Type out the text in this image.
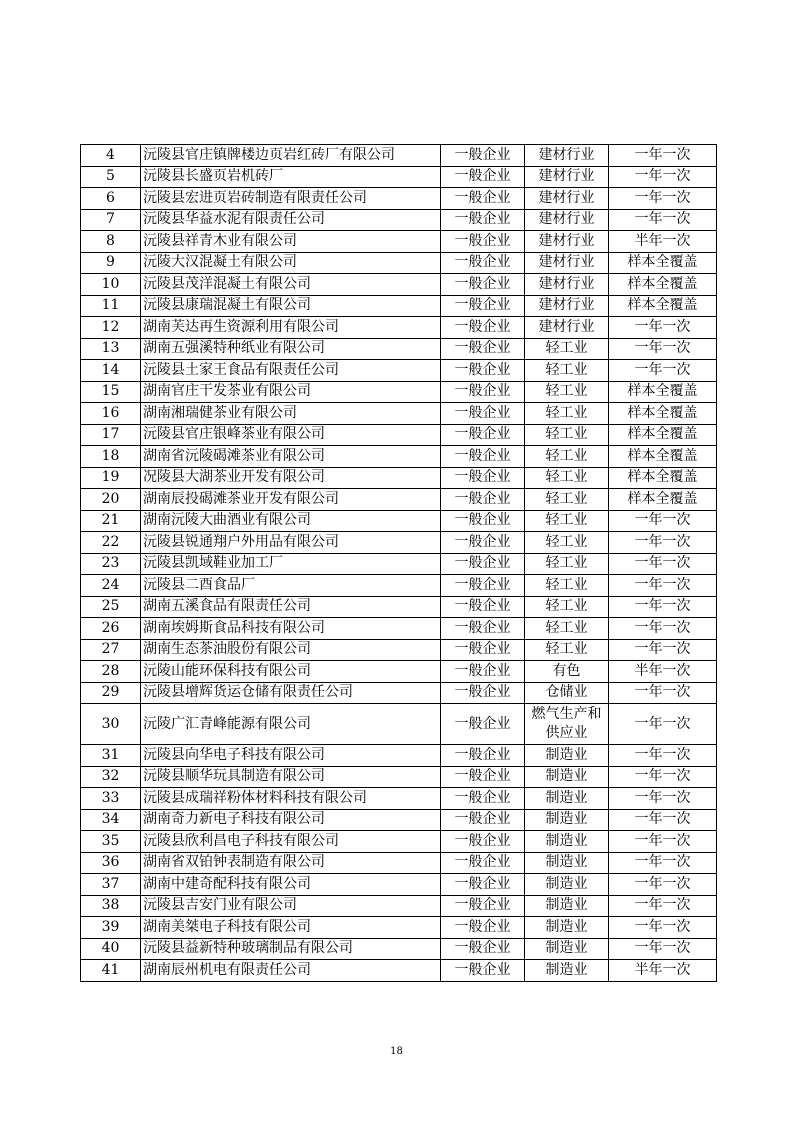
4	沅陵县官庄镇牌楼边页岩红砖厂有限公司	一般企业	建材行业	一年一次
5	沅陵县长盛页岩机砖厂	一般企业	建材行业	一年一次
6	沅陵县宏进页岩砖制造有限责任公司	一般企业	建材行业	一年一次
7	沅陵县华益水泥有限责任公司	一般企业	建材行业	一年一次
8	沅陵县祥青木业有限公司	一般企业	建材行业	半年一次
9	沅陵大汉混凝土有限公司	一般企业	建材行业	样本全覆盖
10	沅陵县茂洋混凝土有限公司	一般企业	建材行业	样本全覆盖
11	沅陵县康瑞混凝土有限公司	一般企业	建材行业	样本全覆盖
12	湖南芙达再生资源利用有限公司	一般企业	建材行业	一年一次
13	湖南五强溪特种纸业有限公司	一般企业	轻工业	一年一次
14	沅陵县土家王食品有限责任公司	一般企业	轻工业	一年一次
15	湖南官庄干发茶业有限公司	一般企业	轻工业	样本全覆盖
16	湖南湘瑞健茶业有限公司	一般企业	轻工业	样本全覆盖
17	沅陵县官庄银峰茶业有限公司	一般企业	轻工业	样本全覆盖
18	湖南省沅陵碣滩茶业有限公司	一般企业	轻工业	样本全覆盖
19	况陵县大湖茶业开发有限公司	一般企业	轻工业	样本全覆盖
20	湖南辰投碣滩茶业开发有限公司	一般企业	轻工业	样本全覆盖
21	湖南沅陵大曲酒业有限公司	一般企业	轻工业	一年一次
22	沅陵县锐通翔户外用品有限公司	一般企业	轻工业	一年一次
23	沅陵县凯域鞋业加工厂	一般企业	轻工业	一年一次
24	沅陵县二酉食品厂	一般企业	轻工业	一年一次
25	湖南五溪食品有限责任公司	一般企业	轻工业	一年一次
26	湖南埃姆斯食品科技有限公司	一般企业	轻工业	一年一次
27	湖南生态茶油股份有限公司	一般企业	轻工业	一年一次
28	沅陵山能环保科技有限公司	一般企业	有色	半年一次
29	沅陵县增辉货运仓储有限责任公司	一般企业	仓储业	一年一次
30	沅陵广汇青峰能源有限公司	一般企业	燃气生产和供应业	一年一次
31	沅陵县向华电子科技有限公司	一般企业	制造业	一年一次
32	沅陵县顺华玩具制造有限公司	一般企业	制造业	一年一次
33	沅陵县成瑞祥粉体材料科技有限公司	一般企业	制造业	一年一次
34	湖南奇力新电子科技有限公司	一般企业	制造业	一年一次
35	沅陵县欣利昌电子科技有限公司	一般企业	制造业	一年一次
36	湖南省双铂钟表制造有限公司	一般企业	制造业	一年一次
37	湖南中建奇配科技有限公司	一般企业	制造业	一年一次
38	沅陵县吉安门业有限公司	一般企业	制造业	一年一次
39	湖南美桀电子科技有限公司	一般企业	制造业	一年一次
40	沅陵县益新特种玻璃制品有限公司	一般企业	制造业	一年一次
41	湖南辰州机电有限责任公司	一般企业	制造业	半年一次
18
